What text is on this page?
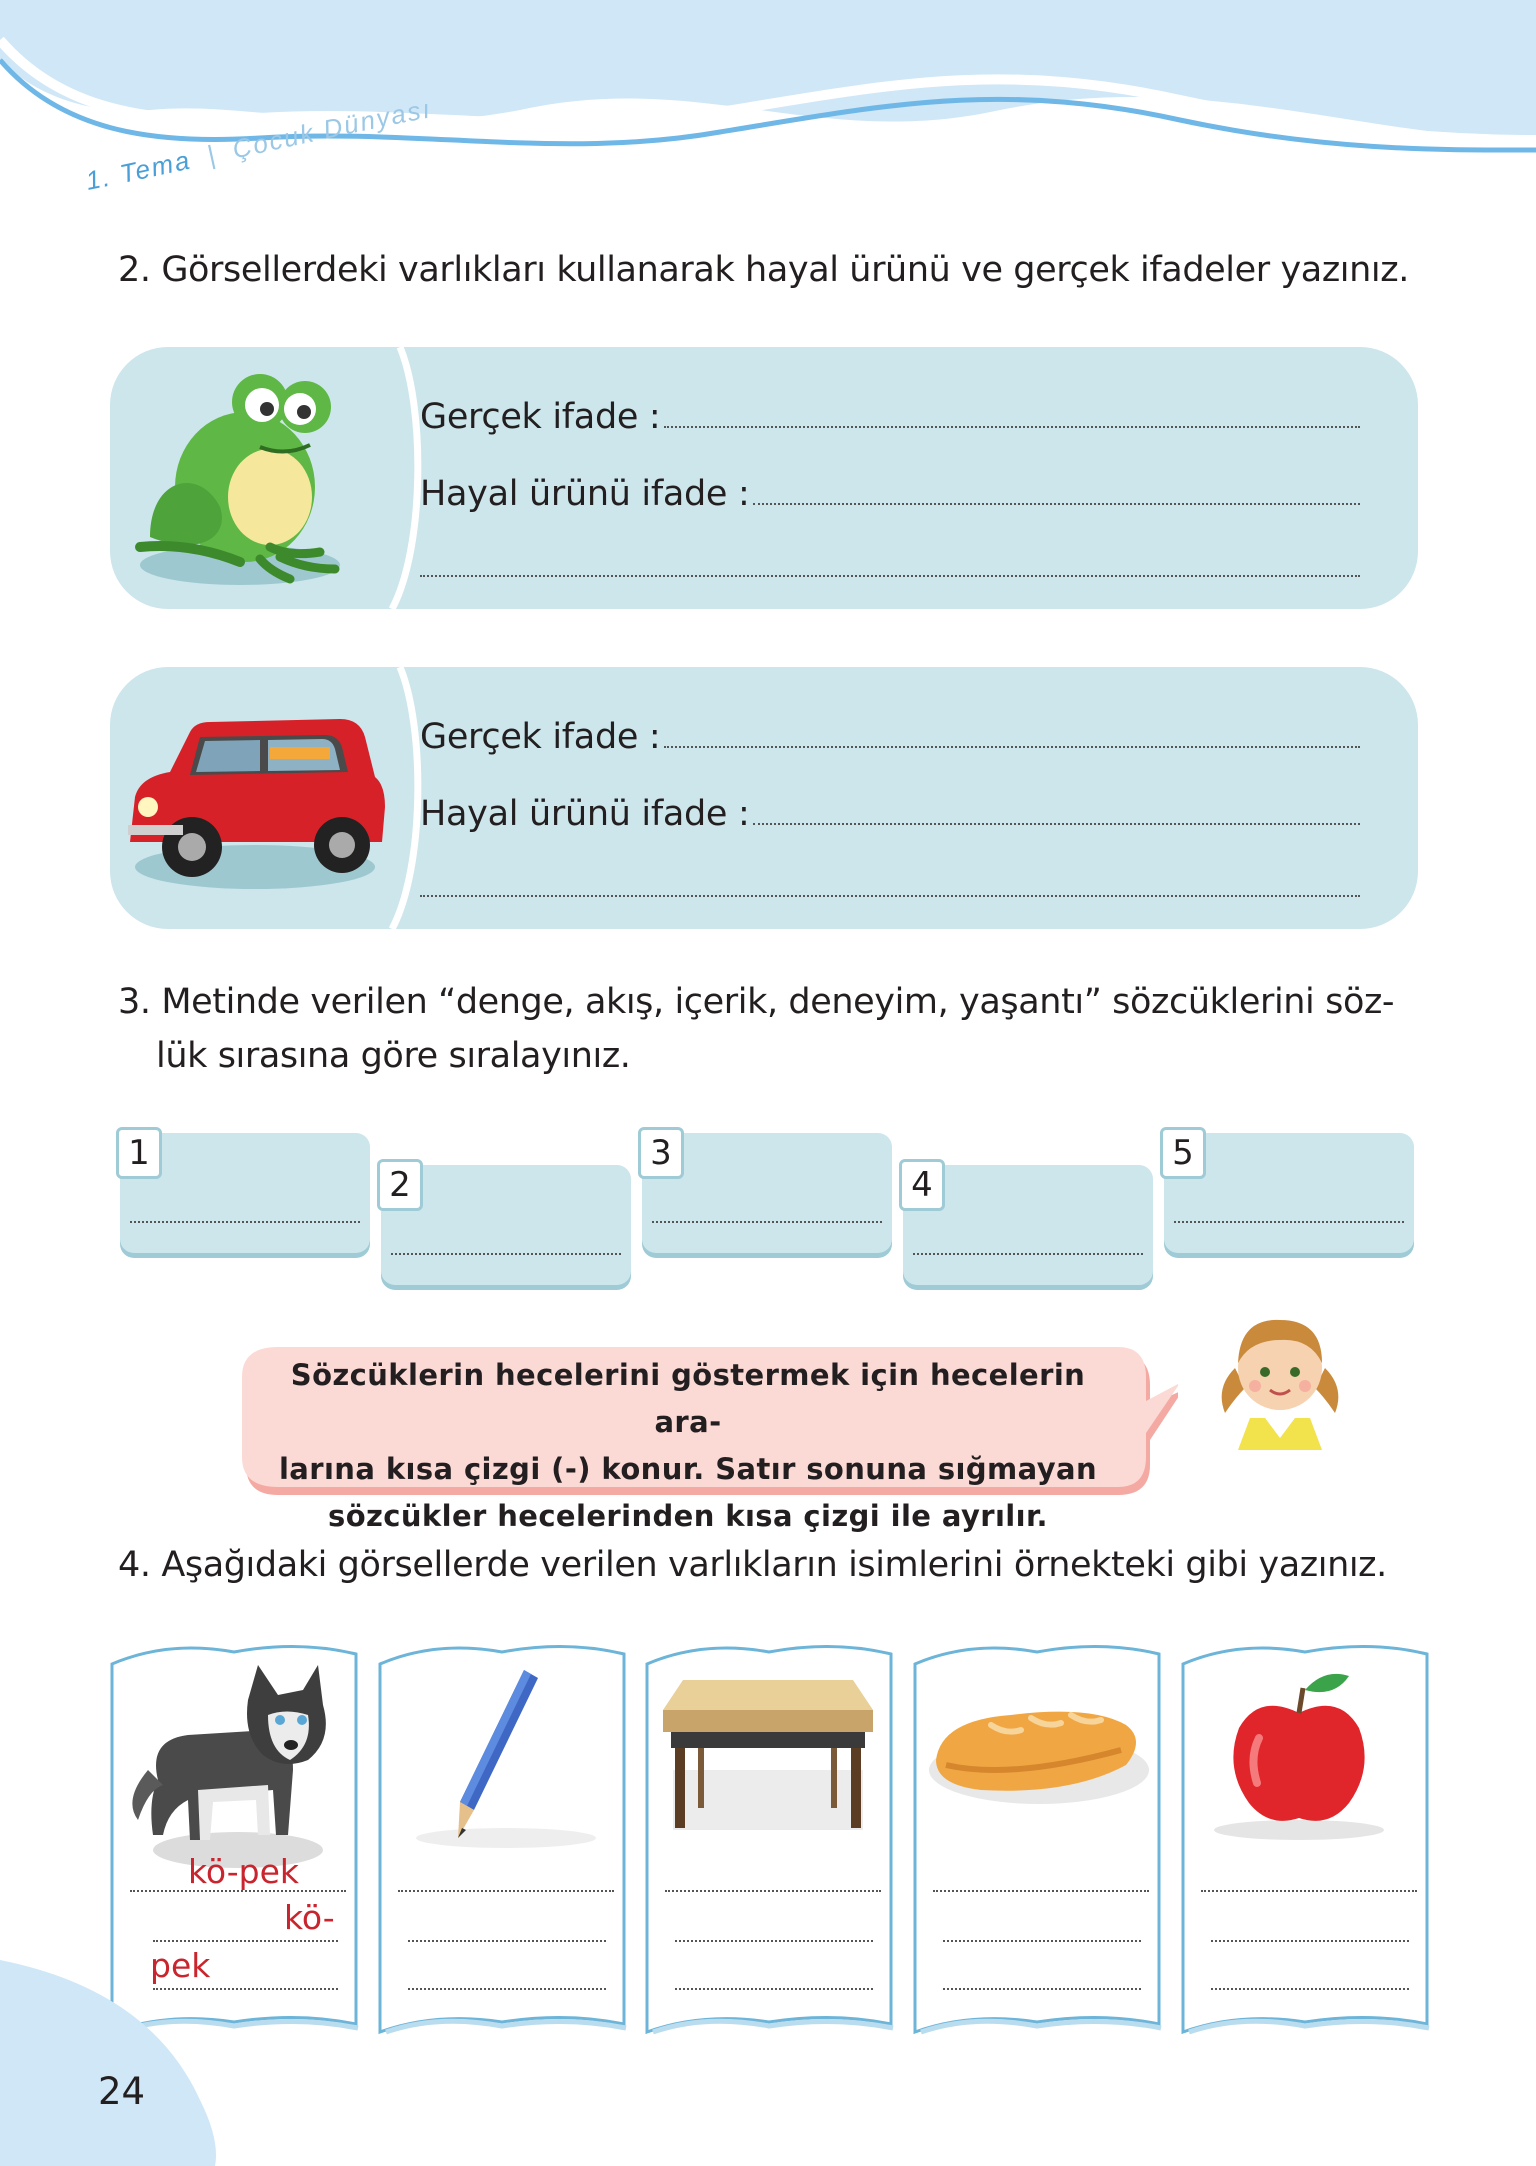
1. Tema | Çocuk Dünyası
2. Görsellerdeki varlıkları kullanarak hayal ürünü ve gerçek ifadeler yazınız.
Gerçek ifade :
Hayal ürünü ifade :
Gerçek ifade :
Hayal ürünü ifade :
3. Metinde verilen “denge, akış, içerik, deneyim, yaşantı” sözcüklerini söz-
lük sırasına göre sıralayınız.
1
2
3
4
5
Sözcüklerin hecelerini göstermek için hecelerin ara-
larına kısa çizgi (-) konur. Satır sonuna sığmayan
sözcükler hecelerinden kısa çizgi ile ayrılır.
4. Aşağıdaki görsellerde verilen varlıkların isimlerini örnekteki gibi yazınız.
kö-pek
kö-
pek
24
